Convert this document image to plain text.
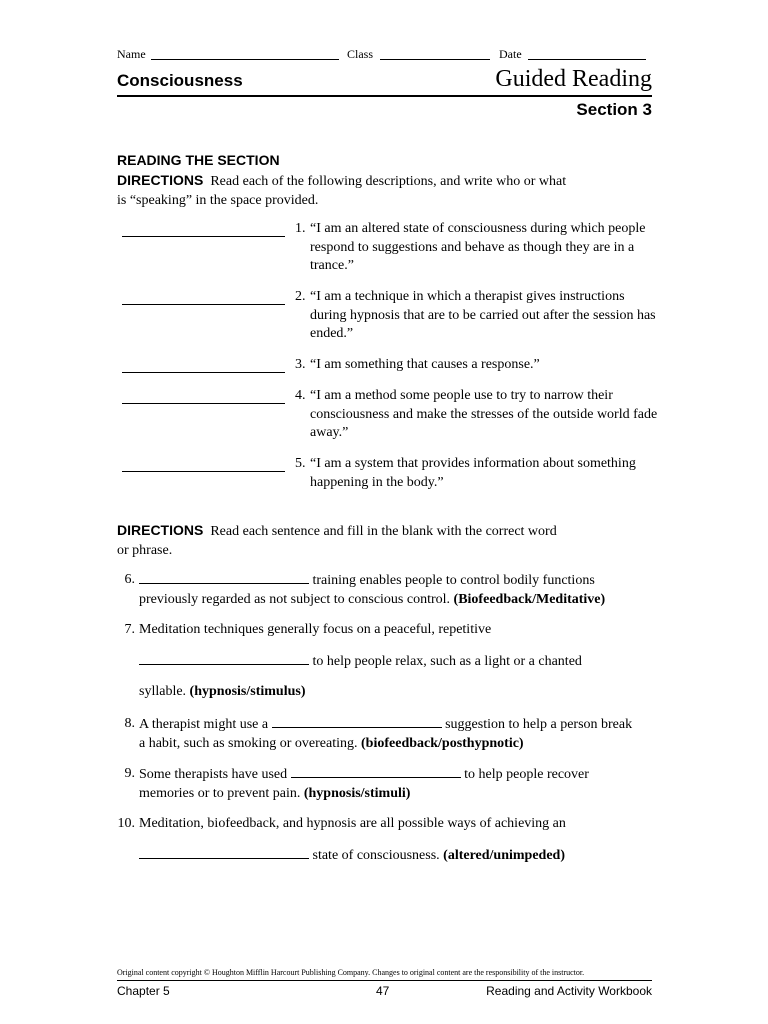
Name	Class	Date
Consciousness	Guided Reading
Section 3
READING THE SECTION
DIRECTIONS Read each of the following descriptions, and write who or what is “speaking” in the space provided.
1. “I am an altered state of consciousness during which people respond to suggestions and behave as though they are in a trance.”
2. “I am a technique in which a therapist gives instructions during hypnosis that are to be carried out after the session has ended.”
3. “I am something that causes a response.”
4. “I am a method some people use to try to narrow their consciousness and make the stresses of the outside world fade away.”
5. “I am a system that provides information about something happening in the body.”
DIRECTIONS Read each sentence and fill in the blank with the correct word or phrase.
6.	training enables people to control bodily functions previously regarded as not subject to conscious control. (Biofeedback/Meditative)
7. Meditation techniques generally focus on a peaceful, repetitive
to help people relax, such as a light or a chanted
syllable. (hypnosis/stimulus)
8. A therapist might use a	suggestion to help a person break a habit, such as smoking or overeating. (biofeedback/posthypnotic)
9. Some therapists have used	to help people recover memories or to prevent pain. (hypnosis/stimuli)
10. Meditation, biofeedback, and hypnosis are all possible ways of achieving an
state of consciousness. (altered/unimpeded)
Original content copyright © Houghton Mifflin Harcourt Publishing Company. Changes to original content are the responsibility of the instructor.
Chapter 5	47	Reading and Activity Workbook
